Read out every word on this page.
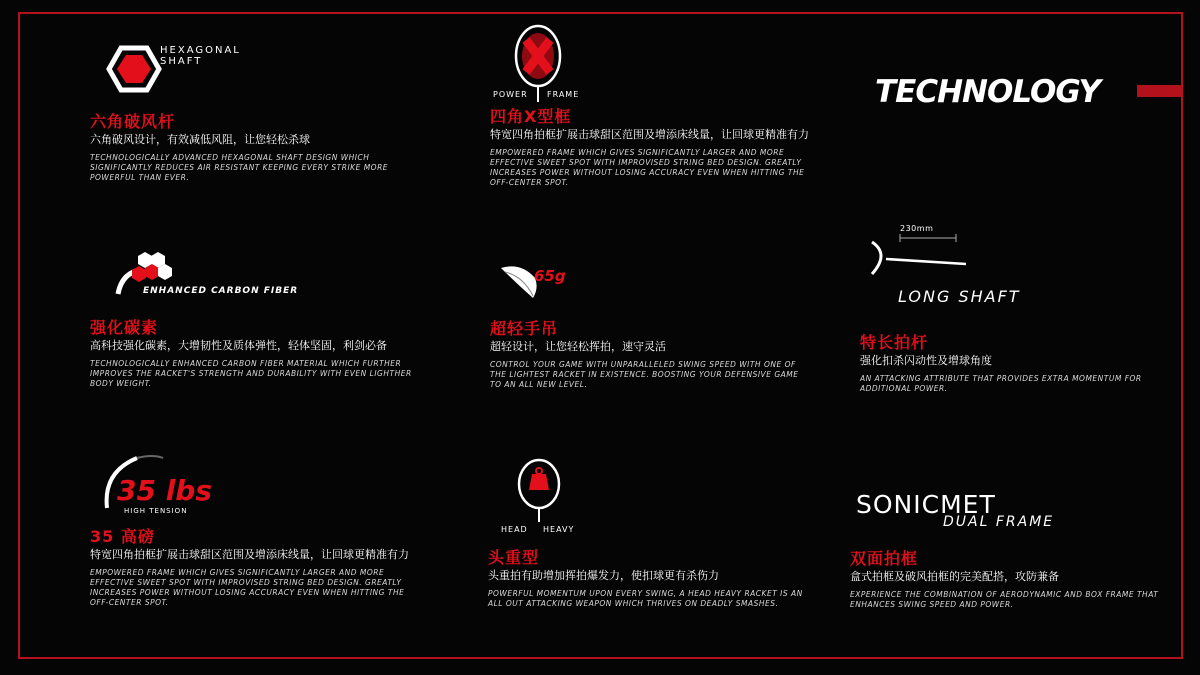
TECHNOLOGY
HEXAGONAL
SHAFT
六角破风杆
六角破风设计，有效减低风阻，让您轻松杀球
TECHNOLOGICALLY ADVANCED HEXAGONAL SHAFT DESIGN WHICH SIGNIFICANTLY REDUCES AIR RESISTANT KEEPING EVERY STRIKE MORE POWERFUL THAN EVER.
POWER FRAME
四角X型框
特宽四角拍框扩展击球甜区范围及增添床线量，让回球更精准有力
EMPOWERED FRAME WHICH GIVES SIGNIFICANTLY LARGER AND MORE EFFECTIVE SWEET SPOT WITH IMPROVISED STRING BED DESIGN. GREATLY INCREASES POWER WITHOUT LOSING ACCURACY EVEN WHEN HITTING THE OFF-CENTER SPOT.
ENHANCED CARBON FIBER
强化碳素
高科技强化碳素，大增韧性及质体弹性，轻体坚固，利剑必备
TECHNOLOGICALLY ENHANCED CARBON FIBER MATERIAL WHICH FURTHER IMPROVES THE RACKET'S STRENGTH AND DURABILITY WITH EVEN LIGHTHER BODY WEIGHT.
65g
超轻手吊
超轻设计，让您轻松挥拍，速守灵活
CONTROL YOUR GAME WITH UNPARALLELED SWING SPEED WITH ONE OF THE LIGHTEST RACKET IN EXISTENCE. BOOSTING YOUR DEFENSIVE GAME TO AN ALL NEW LEVEL.
230mm
LONG SHAFT
特长拍杆
强化扣杀闪动性及增球角度
AN ATTACKING ATTRIBUTE THAT PROVIDES EXTRA MOMENTUM FOR ADDITIONAL POWER.
35 lbs
HIGH TENSION
35 高磅
特宽四角拍框扩展击球甜区范围及增添床线量，让回球更精准有力
EMPOWERED FRAME WHICH GIVES SIGNIFICANTLY LARGER AND MORE EFFECTIVE SWEET SPOT WITH IMPROVISED STRING BED DESIGN. GREATLY INCREASES POWER WITHOUT LOSING ACCURACY EVEN WHEN HITTING THE OFF-CENTER SPOT.
HEAD HEAVY
头重型
头重拍有助增加挥拍爆发力，使扣球更有杀伤力
POWERFUL MOMENTUM UPON EVERY SWING, A HEAD HEAVY RACKET IS AN ALL OUT ATTACKING WEAPON WHICH THRIVES ON DEADLY SMASHES.
SONICMET
DUAL FRAME
双面拍框
盒式拍框及破风拍框的完美配搭，攻防兼备
EXPERIENCE THE COMBINATION OF AERODYNAMIC AND BOX FRAME THAT ENHANCES SWING SPEED AND POWER.
